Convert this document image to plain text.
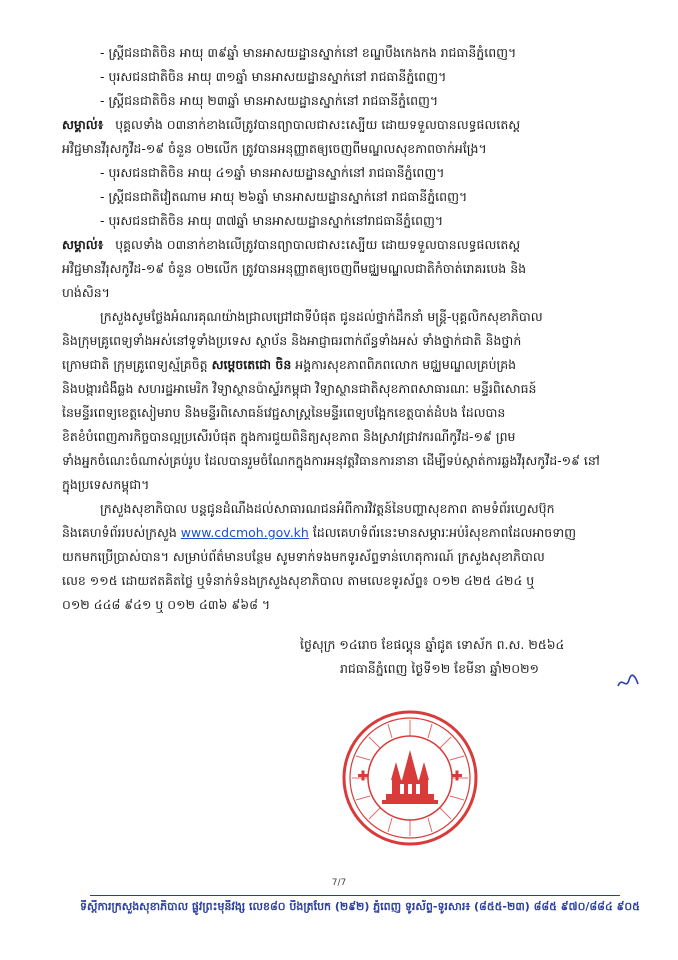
- ស្ត្រីជនជាតិចិន អាយុ ៣៩ឆ្នាំ មានអាសយដ្ឋានស្នាក់នៅ ខណ្ឌបឹងកេងកង រាជធានីភ្នំពេញ។
- បុរសជនជាតិចិន អាយុ ៣១ឆ្នាំ មានអាសយដ្ឋានស្នាក់នៅ រាជធានីភ្នំពេញ។
- ស្ត្រីជនជាតិចិន អាយុ ២៣ឆ្នាំ មានអាសយដ្ឋានស្នាក់នៅ រាជធានីភ្នំពេញ។
សម្គាល់៖ បុគ្គលទាំង ០៣នាក់ខាងលើត្រូវបានព្យាបាលជាសះស្បើយ ដោយទទួលបានលទ្ធផលតេស្ត
អវិជ្ជមានវីរុសកូវីដ-១៩ ចំនួន ០២លើក ត្រូវបានអនុញ្ញាតឲ្យចេញពីមណ្ឌលសុខភាពចាក់អង្រែ។
- បុរសជនជាតិចិន អាយុ ៤១ឆ្នាំ មានអាសយដ្ឋានស្នាក់នៅ រាជធានីភ្នំពេញ។
- ស្ត្រីជនជាតិវៀតណាម អាយុ ២៦ឆ្នាំ មានអាសយដ្ឋានស្នាក់នៅ រាជធានីភ្នំពេញ។
- បុរសជនជាតិចិន អាយុ ៣៧ឆ្នាំ មានអាសយដ្ឋានស្នាក់នៅរាជធានីភ្នំពេញ។
សម្គាល់៖ បុគ្គលទាំង ០៣នាក់ខាងលើត្រូវបានព្យាបាលជាសះស្បើយ ដោយទទួលបានលទ្ធផលតេស្ត
អវិជ្ជមានវីរុសកូវីដ-១៩ ចំនួន ០២លើក ត្រូវបានអនុញ្ញាតឲ្យចេញពីមជ្ឈមណ្ឌលជាតិកំចាត់រោគរបេង និង
ហង់សិន។
ក្រសួងសូមថ្លែងអំណរគុណយ៉ាងជ្រាលជ្រៅជាទីបំផុត ជូនដល់ថ្នាក់ដឹកនាំ មន្ត្រី-បុគ្គលិកសុខាភិបាល
និងក្រុមគ្រូពេទ្យទាំងអស់នៅទូទាំងប្រទេស ស្ថាប័ន និងអាជ្ញាធរពាក់ព័ន្ធទាំងអស់ ទាំងថ្នាក់ជាតិ និងថ្នាក់
ក្រោមជាតិ ក្រុមគ្រូពេទ្យស្ម័គ្រចិត្ត សម្តេចតេជោ ចិន អង្គការសុខភាពពិភពលោក មជ្ឈមណ្ឌលគ្រប់គ្រង
និងបង្ការជំងឺឆ្លង សហរដ្ឋអាមេរិក វិទ្យាស្ថានប៉ាស្ទ័រកម្ពុជា វិទ្យាស្ថានជាតិសុខភាពសាធារណៈ មន្ទីរពិសោធន៍
នៃមន្ទីរពេទ្យខេត្តសៀមរាប និងមន្ទីរពិសោធន៍វេជ្ជសាស្ត្រនៃមន្ទីរពេទ្យបង្អែកខេត្តបាត់ដំបង ដែលបាន
ខិតខំបំពេញភារកិច្ចបានល្អប្រសើរបំផុត ក្នុងការជួយពិនិត្យសុខភាព និងស្រាវជ្រាវករណីកូវីដ-១៩ ព្រម
ទាំងអ្នកចំណេះចំណាស់គ្រប់រូប ដែលបានរួមចំណែកក្នុងការអនុវត្តវិធានការនានា ដើម្បីទប់ស្កាត់ការឆ្លងវីរុសកូវីដ-១៩ នៅ
ក្នុងប្រទេសកម្ពុជា។
ក្រសួងសុខាភិបាល បន្តជូនដំណឹងដល់សាធារណជនអំពីការវិវត្តន៍នៃបញ្ហាសុខភាព តាមទំព័រហ្វេសប៊ុក
និងគេហទំព័ររបស់ក្រសួង www.cdcmoh.gov.kh ដែលគេហទំព័រនេះមានសម្ភារៈអប់រំសុខភាពដែលអាចទាញ
យកមកប្រើប្រាស់បាន។ សម្រាប់ព័ត៌មានបន្ថែម សូមទាក់ទងមកទូរស័ព្ទទាន់ហេតុការណ៍ ក្រសួងសុខាភិបាល
លេខ ១១៥ ដោយឥតគិតថ្លៃ ឬទំនាក់ទំនងក្រសួងសុខាភិបាល តាមលេខទូរស័ព្ទ៖ ០១២ ៤២៥ ៤២៤ ឬ
០១២ ៤៤៨ ៩៤១ ឬ ០១២ ៤៣៦ ៩៦៨ ។
ថ្ងៃសុក្រ ១៤រោច ខែផល្គុន ឆ្នាំជូត ទោស័ក ព.ស. ២៥៦៤
រាជធានីភ្នំពេញ ថ្ងៃទី១២ ខែមីនា ឆ្នាំ២០២១
7/7
ទីស្តីការក្រសួងសុខាភិបាល ផ្លូវព្រះមុនីវង្ស លេខ៨០ បឹងត្របែក (២៩២) ភ្នំពេញ ទូរស័ព្ទ-ទូរសារ៖ (៨៥៥-២៣) ៨៨៥ ៩៧០/៨៨៤ ៩០៥
